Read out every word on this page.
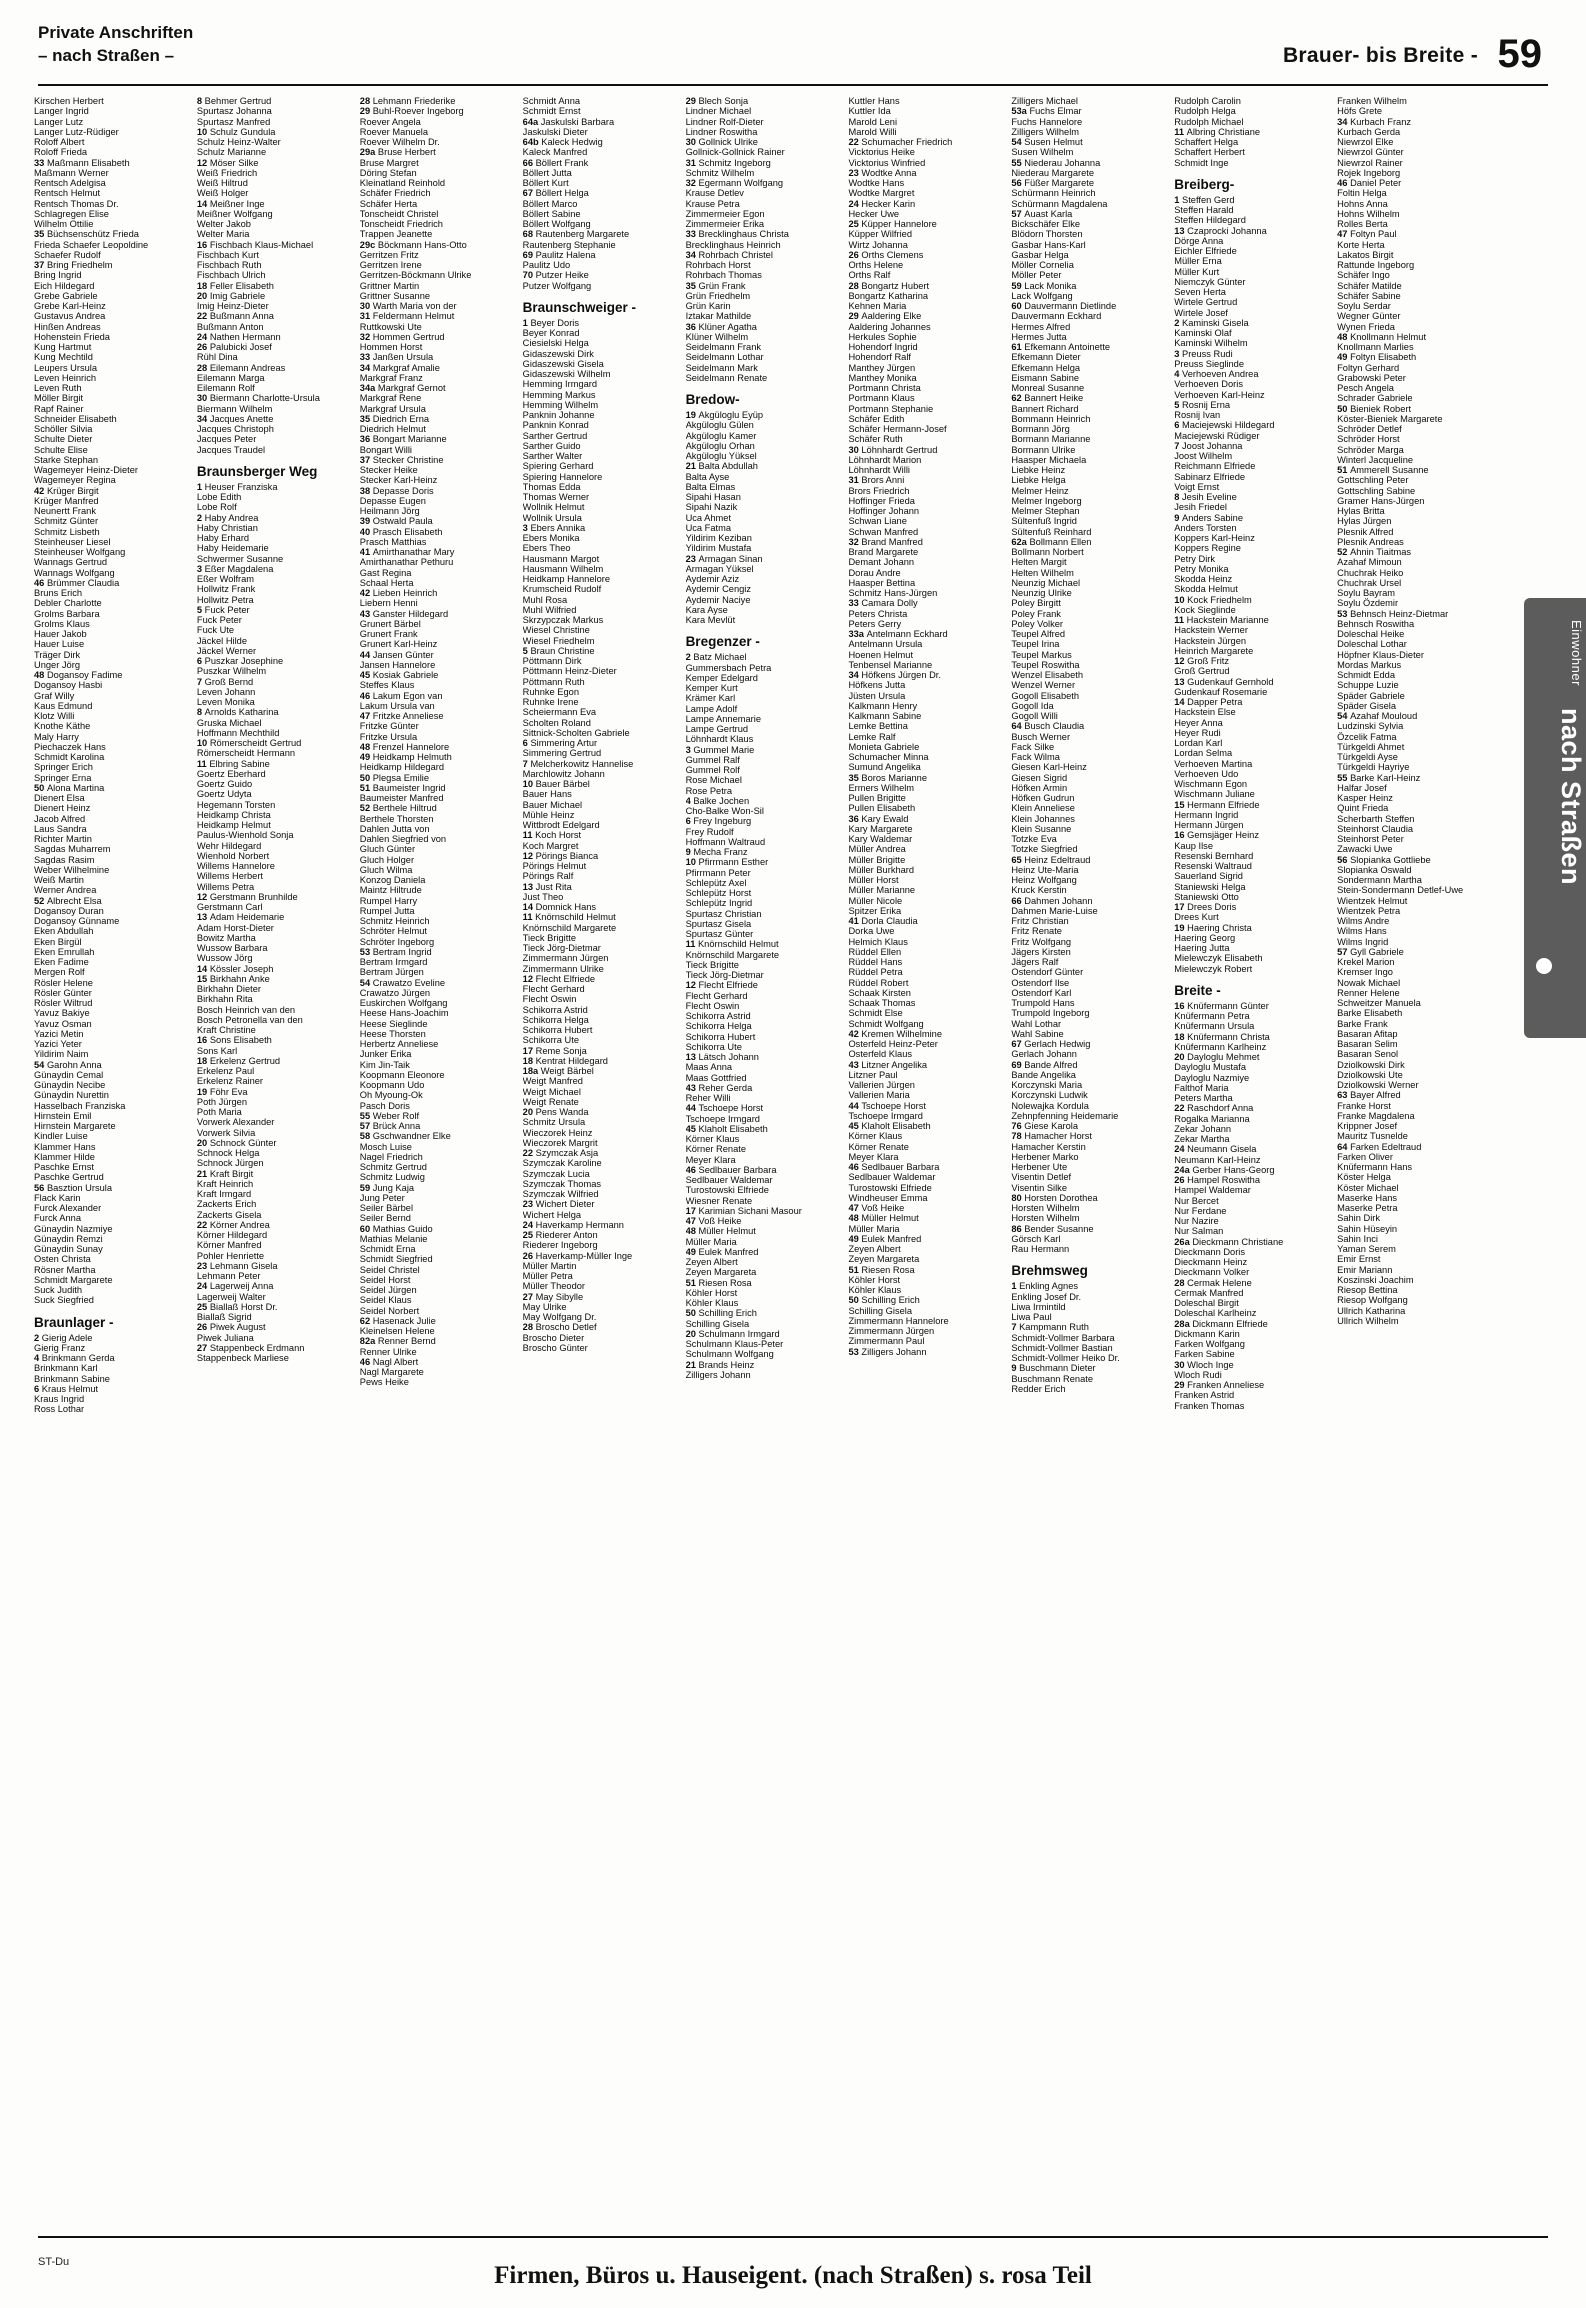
Private Anschriften
– nach Straßen –	Brauer- bis Breite - 59
Kirschen Herbert
Langer Ingrid
Langer Lutz
Langer Lutz-Rüdiger
Roloff Albert
Roloff Frieda
33 Maßmann Elisabeth
Maßmann Werner
Rentsch Adelgisa
Rentsch Helmut
Rentsch Thomas Dr.
Schlagregen Elise
Wilhelm Ottilie
35 Büchsenschütz Frieda
Frieda Schaefer Leopoldine
Schaefer Rudolf
37 Bring Friedhelm
Bring Ingrid
Eich Hildegard
Grebe Gabriele
Grebe Karl-Heinz
Gustavus Andrea
Hinßen Andreas
Hohenstein Frieda
Kung Hartmut
Kung Mechtild
Leupers Ursula
Leven Heinrich
Leven Ruth
Möller Birgit
Rapf Rainer
Schneider Elisabeth
Schöller Silvia
Schulte Dieter
Schulte Elise
Starke Stephan
Wagemeyer Heinz-Dieter
Wagemeyer Regina
42 Krüger Birgit
Krüger Manfred
Neunertt Frank
Schmitz Günter
Schmitz Lisbeth
Steinheuser Liesel
Steinheuser Wolfgang
Wannags Gertrud
Wannags Wolfgang
46 Brümmer Claudia
Bruns Erich
Debler Charlotte
Grolms Barbara
Grolms Klaus
Hauer Jakob
Hauer Luise
Träger Dirk
Unger Jörg
48 Dogansoy Fadime
Dogansoy Hasbi
Graf Willy
Kaus Edmund
Klotz Willi
Knothe Käthe
Maly Harry
Piechaczek Hans
Schmidt Karolina
Springer Erich
Springer Erna
50 Alona Martina
Dienert Elsa
Dienert Heinz
Jacob Alfred
Laus Sandra
Richter Martin
Sagdas Muharrem
Sagdas Rasim
Weber Wilhelmine
Weiß Martin
Werner Andrea
52 Albrecht Elsa
Dogansoy Duran
Dogansoy Günname
Eken Abdullah
Eken Birgül
Eken Emrullah
Eken Fadime
Mergen Rolf
Rösler Helene
Rösler Günter
Rösler Wiltrud
Yavuz Bakiye
Yavuz Osman
Yazici Metin
Yazici Yeter
Yildirim Naim
54 Garohn Anna
Günaydin Cemal
Günaydin Necibe
Günaydin Nurettin
Hasselbach Franziska
Hirnstein Emil
Hirnstein Margarete
Kindler Luise
Klammer Hans
Klammer Hilde
Paschke Ernst
Paschke Gertrud
56 Basztion Ursula
Flack Karin
Furck Alexander
Furck Anna
Günaydin Nazmiye
Günaydin Remzi
Günaydin Sunay
Osten Christa
Rösner Martha
Schmidt Margarete
Suck Judith
Suck Siegfried
Braunlager -
2 Gierig Adele
Gierig Franz
4 Brinkmann Gerda
Brinkmann Karl
Brinkmann Sabine
6 Kraus Helmut
Kraus Ingrid
Ross Lothar
8 Behmer Gertrud
Spurtasz Johanna
Spurtasz Manfred
10 Schulz Gundula
Schulz Heinz-Walter
Schulz Marianne
12 Möser Silke
Weiß Friedrich
Weiß Hiltrud
Weiß Holger
14 Meißner Inge
Meißner Wolfgang
Welter Jakob
Welter Maria
16 Fischbach Klaus-Michael
Fischbach Kurt
Fischbach Ruth
Fischbach Ulrich
18 Feller Elisabeth
20 Imig Gabriele
Imig Heinz-Dieter
22 Bußmann Anna
Bußmann Anton
24 Nathen Hermann
26 Palubicki Josef
Rühl Dina
28 Eilemann Andreas
Eilemann Marga
Eilemann Rolf
30 Biermann Charlotte-Ursula
Biermann Wilhelm
34 Jacques Anette
Jacques Christoph
Jacques Peter
Jacques Traudel
Braunsberger Weg
1 Heuser Franziska
Lobe Edith
Lobe Rolf
2 Haby Andrea
Haby Christian
Haby Erhard
Haby Heidemarie
Schwermer Susanne
3 Eßer Magdalena
Eßer Wolfram
Hollwitz Frank
Hollwitz Petra
5 Fuck Peter
Fuck Peter
Fuck Ute
Jäckel Hilde
Jäckel Werner
6 Puszkar Josephine
Puszkar Wilhelm
7 Groß Bernd
Leven Johann
Leven Monika
8 Arnolds Katharina
Gruska Michael
Hoffmann Mechthild
10 Römerscheidt Gertrud
Römerscheidt Hermann
11 Elbring Sabine
Goertz Eberhard
Goertz Guido
Goertz Udyta
Hegemann Torsten
Heidkamp Christa
Heidkamp Helmut
Paulus-Wienhold Sonja
Wehr Hildegard
Wienhold Norbert
Willems Hannelore
Willems Herbert
Willems Petra
12 Gerstmann Brunhilde
Gerstmann Carl
13 Adam Heidemarie
Adam Horst-Dieter
Bowitz Martha
Wussow Barbara
Wussow Jörg
14 Kössler Joseph
15 Birkhahn Anke
Birkhahn Dieter
Birkhahn Rita
Bosch Heinrich van den
Bosch Petronella van den
Kraft Christine
16 Sons Elisabeth
Sons Karl
18 Erkelenz Gertrud
Erkelenz Paul
Erkelenz Rainer
19 Föhr Eva
Poth Jürgen
Poth Maria
Vorwerk Alexander
Vorwerk Silvia
20 Schnock Günter
Schnock Helga
Schnock Jürgen
21 Kraft Birgit
Kraft Heinrich
Kraft Irmgard
Zackerts Erich
Zackerts Gisela
22 Körner Andrea
Körner Hildegard
Körner Manfred
Pohler Henriette
23 Lehmann Gisela
Lehmann Peter
24 Lagerweij Anna
Lagerweij Walter
25 Biallaß Horst Dr.
Biallaß Sigrid
26 Piwek August
Piwek Juliana
27 Stappenbeck Erdmann
Stappenbeck Marliese
28 Lehmann Friederike
29 Buhl-Roever Ingeborg
Roever Angela
Roever Manuela
Roever Wilhelm Dr.
29a Bruse Herbert
Bruse Margret
Döring Stefan
Kleinatland Reinhold
Schäfer Friedrich
Schäfer Herta
Tonscheidt Christel
Tonscheidt Friedrich
Trappen Jeanette
29c Böckmann Hans-Otto
Gerritzen Fritz
Gerritzen Irene
Gerritzen-Böckmann Ulrike
Grittner Martin
Grittner Susanne
30 Warth Maria von der
31 Feldermann Helmut
Ruttkowski Ute
32 Hommen Gertrud
Hommen Horst
33 Janßen Ursula
34 Markgraf Amalie
Markgraf Franz
34a Markgraf Gernot
Markgraf Rene
Markgraf Ursula
35 Diedrich Erna
Diedrich Helmut
36 Bongart Marianne
Bongart Willi
37 Stecker Christine
Stecker Heike
Stecker Karl-Heinz
38 Depasse Doris
Depasse Eugen
Heilmann Jörg
39 Ostwald Paula
40 Prasch Elisabeth
Prasch Matthias
41 Amirthanathar Mary
Amirthanathar Pethuru
Gast Regina
Schaal Herta
42 Lieben Heinrich
Liebern Henni
43 Ganster Hildegard
Grunert Bärbel
Grunert Frank
Grunert Karl-Heinz
44 Jansen Günter
Jansen Hannelore
45 Kosiak Gabriele
Steffes Klaus
46 Lakum Egon van
Lakum Ursula van
47 Fritzke Anneliese
Fritzke Günter
Fritzke Ursula
48 Frenzel Hannelore
49 Heidkamp Helmuth
Heidkamp Hildegard
50 Plegsa Emilie
51 Baumeister Ingrid
Baumeister Manfred
52 Berthele Hiltrud
Berthele Thorsten
Dahlen Jutta von
Dahlen Siegfried von
Gluch Günter
Gluch Holger
Gluch Wilma
Konzog Daniela
Maintz Hiltrude
Rumpel Harry
Rumpel Jutta
Schmitz Heinrich
Schröter Helmut
Schröter Ingeborg
53 Bertram Ingrid
Bertram Irmgard
Bertram Jürgen
54 Crawatzo Eveline
Crawatzo Jürgen
Euskirchen Wolfgang
Heese Hans-Joachim
Heese Sieglinde
Heese Thorsten
Herbertz Anneliese
Junker Erika
Kim Jin-Taik
Koopmann Eleonore
Koopmann Udo
Oh Myoung-Ok
Pasch Doris
55 Weber Rolf
57 Brück Anna
58 Gschwandner Elke
Mosch Luise
Nagel Friedrich
Schmitz Gertrud
Schmitz Ludwig
59 Jung Kaja
Jung Peter
Seiler Bärbel
Seiler Bernd
60 Mathias Guido
Mathias Melanie
Schmidt Erna
Schmidt Siegfried
Seidel Christel
Seidel Horst
Seidel Jürgen
Seidel Klaus
Seidel Norbert
62 Hasenack Julie
Kleinelsen Helene
82a Renner Bernd
Renner Ulrike
46 Nagl Albert
Nagl Margarete
Pews Heike
Schmidt Anna
Schmidt Ernst
64a Jaskulski Barbara
Jaskulski Dieter
64b Kaleck Hedwig
Kaleck Manfred
66 Böllert Frank
Böllert Jutta
Böllert Kurt
67 Böllert Helga
Böllert Marco
Böllert Sabine
Böllert Wolfgang
68 Rautenberg Margarete
Rautenberg Stephanie
69 Paulitz Halena
Paulitz Udo
70 Putzer Heike
Putzer Wolfgang
Braunschweiger -
1 Beyer Doris
Beyer Konrad
Ciesielski Helga
Gidaszewski Dirk
Gidaszewski Gisela
Gidaszewski Wilhelm
Hemming Irmgard
Hemming Markus
Hemming Wilhelm
Panknin Johanne
Panknin Konrad
Sarther Gertrud
Sarther Guido
Sarther Walter
Spiering Gerhard
Spiering Hannelore
Thomas Edda
Thomas Werner
Wollnik Helmut
Wollnik Ursula
3 Ebers Annika
Ebers Monika
Ebers Theo
Hausmann Margot
Hausmann Wilhelm
Heidkamp Hannelore
Krumscheid Rudolf
Muhl Rosa
Muhl Wilfried
Skrzypczak Markus
Wiesel Christine
Wiesel Friedhelm
5 Braun Christine
Pöttmann Dirk
Pöttmann Heinz-Dieter
Pöttmann Ruth
Ruhnke Egon
Ruhnke Irene
Scheiermann Eva
Scholten Roland
Sittnick-Scholten Gabriele
6 Simmering Artur
Simmering Gertrud
7 Melcherkowitz Hannelise
Marchlowitz Johann
10 Bauer Bärbel
Bauer Hans
Bauer Michael
Mühle Heinz
Wittbrodt Edelgard
11 Koch Horst
Koch Margret
12 Pörings Bianca
Pörings Helmut
Pörings Ralf
13 Just Rita
Just Theo
14 Domnick Hans
11 Knörnschild Helmut
Knörnschild Margarete
Tieck Brigitte
Tieck Jörg-Dietmar
Zimmermann Jürgen
Zimmermann Ulrike
12 Flecht Elfriede
Flecht Gerhard
Flecht Oswin
Schikorra Astrid
Schikorra Helga
Schikorra Hubert
Schikorra Ute
17 Reme Sonja
18 Kentrat Hildegard
18a Weigt Bärbel
Weigt Manfred
Weigt Michael
Weigt Renate
20 Pens Wanda
Schmitz Ursula
Wieczorek Heinz
Wieczorek Margrit
22 Szymczak Asja
Szymczak Karoline
Szymczak Lucia
Szymczak Thomas
Szymczak Wilfried
23 Wichert Dieter
Wichert Helga
24 Haverkamp Hermann
25 Riederer Anton
Riederer Ingeborg
26 Haverkamp-Müller Inge
Müller Martin
Müller Petra
Müller Theodor
27 May Sibylle
May Ulrike
May Wolfgang Dr.
28 Broscho Detlef
Broscho Dieter
Broscho Günter
29 Blech Sonja
Lindner Michael
Lindner Rolf-Dieter
Lindner Roswitha
30 Gollnick Ulrike
Gollnick-Gollnick Rainer
31 Schmitz Ingeborg
Schmitz Wilhelm
32 Egermann Wolfgang
Krause Detlev
Krause Petra
Zimmermeier Egon
Zimmermeier Erika
33 Brecklinghaus Christa
Brecklinghaus Heinrich
34 Rohrbach Christel
Rohrbach Horst
Rohrbach Thomas
35 Grün Frank
Grün Friedhelm
Grün Karin
Iztakar Mathilde
36 Klüner Agatha
Klüner Wilhelm
Seidelmann Frank
Seidelmann Lothar
Seidelmann Mark
Seidelmann Renate
Bredow-
19 Akgüloglu Eyüp
Akgüloglu Gülen
Akgüloglu Kamer
Akgüloglu Orhan
Akgüloglu Yüksel
21 Balta Abdullah
Balta Ayse
Balta Elmas
Sipahi Hasan
Sipahi Nazik
Uca Ahmet
Uca Fatma
Yildirim Keziban
Yildirim Mustafa
23 Armagan Sinan
Armagan Yüksel
Aydemir Aziz
Aydemir Cengiz
Aydemir Naciye
Kara Ayse
Kara Mevlüt
Bregenzer -
2 Batz Michael
Gummersbach Petra
Kemper Edelgard
Kemper Kurt
Krämer Karl
Lampe Adolf
Lampe Annemarie
Lampe Gertrud
Löhnhardt Klaus
3 Gummel Marie
Gummel Ralf
Gummel Rolf
Rose Michael
Rose Petra
4 Balke Jochen
Cho-Balke Won-Sil
6 Frey Ingeburg
Frey Rudolf
Hoffmann Waltraud
9 Mecha Franz
10 Pfirrmann Esther
Pfirrmann Peter
Schlepütz Axel
Schlepütz Horst
Schlepütz Ingrid
Spurtasz Christian
Spurtasz Gisela
Spurtasz Günter
11 Knörnschild Helmut
Knörnschild Margarete
Tieck Brigitte
Tieck Jörg-Dietmar
12 Flecht Elfriede
Flecht Gerhard
Flecht Oswin
Schikorra Astrid
Schikorra Helga
Schikorra Hubert
Schikorra Ute
13 Lätsch Johann
Maas Anna
Maas Gottfried
43 Reher Gerda
Reher Willi
44 Tschoepe Horst
Tschoepe Irmgard
45 Klaholt Elisabeth
Körner Klaus
Körner Renate
Meyer Klara
46 Sedlbauer Barbara
Sedlbauer Waldemar
Turostowski Elfriede
Wiesner Renate
17 Karimian Sichani Masour
47 Voß Heike
48 Müller Helmut
Müller Maria
49 Eulek Manfred
Zeyen Albert
Zeyen Margareta
51 Riesen Rosa
Köhler Horst
Köhler Klaus
50 Schilling Erich
Schilling Gisela
20 Schulmann Irmgard
Schulmann Klaus-Peter
Schulmann Wolfgang
21 Brands Heinz
Zilligers Johann
Kuttler Hans
Kuttler Ida
Marold Leni
Marold Willi
22 Schumacher Friedrich
Vicktorius Heike
Vicktorius Winfried
23 Wodtke Anna
Wodtke Hans
Wodtke Margret
24 Hecker Karin
Hecker Uwe
25 Küpper Hannelore
Küpper Wilfried
Wirtz Johanna
26 Orths Clemens
Orths Helene
Orths Ralf
28 Bongartz Hubert
Bongartz Katharina
Kehnen Maria
29 Aaldering Elke
Aaldering Johannes
Herkules Sophie
Hohendorf Ingrid
Hohendorf Ralf
Manthey Jürgen
Manthey Monika
Portmann Christa
Portmann Klaus
Portmann Stephanie
Schäfer Edith
Schäfer Hermann-Josef
Schäfer Ruth
30 Löhnhardt Gertrud
Löhnhardt Marion
Löhnhardt Willi
31 Brors Anni
Brors Friedrich
Hoffinger Frieda
Hoffinger Johann
Schwan Liane
Schwan Manfred
32 Brand Manfred
Brand Margarete
Demant Johann
Dorau Andre
Haasper Bettina
Schmitz Hans-Jürgen
33 Camara Dolly
Peters Christa
Peters Gerry
33a Antelmann Eckhard
Antelmann Ursula
Hoenen Helmut
Tenbensel Marianne
34 Höfkens Jürgen Dr.
Höfkens Jutta
Jüsten Ursula
Kalkmann Henry
Kalkmann Sabine
Lemke Bettina
Lemke Ralf
Monieta Gabriele
Schumacher Minna
Sumund Angelika
35 Boros Marianne
Ermers Wilhelm
Pullen Brigitte
Pullen Elisabeth
36 Kary Ewald
Kary Margarete
Kary Waldemar
Müller Andrea
Müller Brigitte
Müller Burkhard
Müller Horst
Müller Marianne
Müller Nicole
Spitzer Erika
41 Dorla Claudia
Dorka Uwe
Helmich Klaus
Rüddel Ellen
Rüddel Hans
Rüddel Petra
Rüddel Robert
Schaak Kirsten
Schaak Thomas
Schmidt Else
Schmidt Wolfgang
42 Kremen Wilhelmine
Osterfeld Heinz-Peter
Osterfeld Klaus
43 Litzner Angelika
Litzner Paul
Vallerien Jürgen
Vallerien Maria
44 Tschoepe Horst
Tschoepe Irmgard
45 Klaholt Elisabeth
Körner Klaus
Körner Renate
Meyer Klara
46 Sedlbauer Barbara
Sedlbauer Waldemar
Turostowski Elfriede
Windheuser Emma
47 Voß Heike
48 Müller Helmut
Müller Maria
49 Eulek Manfred
Zeyen Albert
Zeyen Margareta
51 Riesen Rosa
Köhler Horst
Köhler Klaus
50 Schilling Erich
Schilling Gisela
Zimmermann Hannelore
Zimmermann Jürgen
Zimmermann Paul
53 Zilligers Johann
Zilligers Michael
53a Fuchs Elmar
Fuchs Hannelore
Zilligers Wilhelm
54 Susen Helmut
Susen Wilhelm
55 Niederau Johanna
Niederau Margarete
56 Füßer Margarete
Schürmann Heinrich
Schürmann Magdalena
57 Auast Karla
Bickschäfer Elke
Blödorn Thorsten
Gasbar Hans-Karl
Gasbar Helga
Möller Cornelia
Möller Peter
59 Lack Monika
Lack Wolfgang
60 Dauvermann Dietlinde
Dauvermann Eckhard
Hermes Alfred
Hermes Jutta
61 Efkemann Antoinette
Efkemann Dieter
Efkemann Helga
Eismann Sabine
Monreal Susanne
62 Bannert Heike
Bannert Richard
Bommann Heinrich
Bormann Jörg
Bormann Marianne
Bormann Ulrike
Haasper Michaela
Liebke Heinz
Liebke Helga
Melmer Heinz
Melmer Ingeborg
Melmer Stephan
Sültenfuß Ingrid
Sültenfuß Reinhard
62a Bollmann Ellen
Bollmann Norbert
Helten Margit
Helten Wilhelm
Neunzig Michael
Neunzig Ulrike
Poley Birgitt
Poley Frank
Poley Volker
Teupel Alfred
Teupel Irina
Teupel Markus
Teupel Roswitha
Wenzel Elisabeth
Wenzel Werner
Gogoll Elisabeth
Gogoll Ida
Gogoll Willi
64 Busch Claudia
Busch Werner
Fack Silke
Fack Wilma
Giesen Karl-Heinz
Giesen Sigrid
Höfken Armin
Höfken Gudrun
Klein Anneliese
Klein Johannes
Klein Susanne
Totzke Eva
Totzke Siegfried
65 Heinz Edeltraud
Heinz Ute-Maria
Heinz Wolfgang
Kruck Kerstin
66 Dahmen Johann
Dahmen Marie-Luise
Fritz Christian
Fritz Renate
Fritz Wolfgang
Jägers Kirsten
Jägers Ralf
Ostendorf Günter
Ostendorf Ilse
Ostendorf Karl
Trumpold Hans
Trumpold Ingeborg
Wahl Lothar
Wahl Sabine
67 Gerlach Hedwig
Gerlach Johann
69 Bande Alfred
Bande Angelika
Korczynski Maria
Korczynski Ludwik
Nolewajka Kordula
Zehnpfenning Heidemarie
76 Giese Karola
78 Hamacher Horst
Hamacher Kerstin
Herbener Marko
Herbener Ute
Visentin Detlef
Visentin Silke
80 Horsten Dorothea
Horsten Wilhelm
Horsten Wilhelm
86 Bender Susanne
Görsch Karl
Rau Hermann
Brehmsweg
1 Enkling Agnes
Enkling Josef Dr.
Liwa Irmintild
Liwa Paul
7 Kampmann Ruth
Schmidt-Vollmer Barbara
Schmidt-Vollmer Bastian
Schmidt-Vollmer Heiko Dr.
9 Buschmann Dieter
Buschmann Renate
Redder Erich
Rudolph Carolin
Rudolph Helga
Rudolph Michael
11 Albring Christiane
Schaffert Helga
Schaffert Herbert
Schmidt Inge
Breiberg-
1 Steffen Gerd
Steffen Harald
Steffen Hildegard
13 Czaprocki Johanna
Dörge Anna
Eichler Elfriede
Müller Erna
Müller Kurt
Niemczyk Günter
Seven Herta
Wirtele Gertrud
Wirtele Josef
2 Kaminski Gisela
Kaminski Olaf
Kaminski Wilhelm
3 Preuss Rudi
Preuss Sieglinde
4 Verhoeven Andrea
Verhoeven Doris
Verhoeven Karl-Heinz
5 Rosnij Erna
Rosnij Ivan
6 Maciejewski Hildegard
Maciejewski Rüdiger
7 Joost Johanna
Joost Wilhelm
Reichmann Elfriede
Sabinarz Elfriede
Voigt Ernst
8 Jesih Eveline
Jesih Friedel
9 Anders Sabine
Anders Torsten
Koppers Karl-Heinz
Koppers Regine
Petry Dirk
Petry Monika
Skodda Heinz
Skodda Helmut
10 Kock Friedhelm
Kock Sieglinde
11 Hackstein Marianne
Hackstein Werner
Hackstein Jürgen
Heinrich Margarete
12 Groß Fritz
Groß Gertrud
13 Gudenkauf Gernhold
Gudenkauf Rosemarie
14 Dapper Petra
Hackstein Else
Heyer Anna
Heyer Rudi
Lordan Karl
Lordan Selma
Verhoeven Martina
Verhoeven Udo
Wischmann Egon
Wischmann Juliane
15 Hermann Elfriede
Hermann Ingrid
Hermann Jürgen
16 Gemsjäger Heinz
Kaup Ilse
Resenski Bernhard
Resenski Waltraud
Sauerland Sigrid
Staniewski Helga
Staniewski Otto
17 Drees Doris
Drees Kurt
19 Haering Christa
Haering Georg
Haering Jutta
Mielewczyk Elisabeth
Mielewczyk Robert
Breite -
16 Knüfermann Günter
Knüfermann Petra
Knüfermann Ursula
18 Knüfermann Christa
Knüfermann Karlheinz
20 Dayloglu Mehmet
Dayloglu Mustafa
Dayloglu Nazmiye
Falthof Maria
Peters Martha
22 Raschdorf Anna
Rogalka Marianna
Zekar Johann
Zekar Martha
24 Neumann Gisela
Neumann Karl-Heinz
24a Gerber Hans-Georg
26 Hampel Roswitha
Hampel Waldemar
Nur Bercet
Nur Ferdane
Nur Nazire
Nur Salman
26a Dieckmann Christiane
Dieckmann Doris
Dieckmann Heinz
Dieckmann Volker
28 Cermak Helene
Cermak Manfred
Doleschal Birgit
Doleschal Karlheinz
28a Dickmann Elfriede
Dickmann Karin
Farken Wolfgang
Farken Sabine
30 Wloch Inge
Wloch Rudi
29 Franken Anneliese
Franken Astrid
Franken Thomas
Franken Wilhelm
Höfs Grete
34 Kurbach Franz
Kurbach Gerda
Niewrzol Elke
Niewrzol Günter
Niewrzol Rainer
Rojek Ingeborg
46 Daniel Peter
Foltin Helga
Hohns Anna
Hohns Wilhelm
Rolles Berta
47 Foltyn Paul
Korte Herta
Lakatos Birgit
Rattunde Ingeborg
Schäfer Ingo
Schäfer Matilde
Schäfer Sabine
Soylu Serdar
Wegner Günter
Wynen Frieda
48 Knollmann Helmut
Knollmann Marlies
49 Foltyn Elisabeth
Foltyn Gerhard
Grabowski Peter
Pesch Angela
Schrader Gabriele
50 Bieniek Robert
Köster-Bieniek Margarete
Schröder Detlef
Schröder Horst
Schröder Marga
Winterl Jacqueline
51 Ammerell Susanne
Gottschling Peter
Gottschling Sabine
Gramer Hans-Jürgen
Hylas Britta
Hylas Jürgen
Plesnik Alfred
Plesnik Andreas
52 Ahnin Tiaitmas
Azahaf Mimoun
Chuchrak Heiko
Chuchrak Ursel
Soylu Bayram
Soylu Özdemir
53 Behnsch Heinz-Dietmar
Behnsch Roswitha
Doleschal Heike
Doleschal Lothar
Höpfner Klaus-Dieter
Mordas Markus
Schmidt Edda
Schuppe Luzie
Späder Gabriele
Späder Gisela
54 Azahaf Mouloud
Ludzinski Sylvia
Özcelik Fatma
Türkgeldi Ahmet
Türkgeldi Ayse
Türkgeldi Hayriye
55 Barke Karl-Heinz
Halfar Josef
Kasper Heinz
Quint Frieda
Scherbarth Steffen
Steinhorst Claudia
Steinhorst Peter
Zawacki Uwe
56 Slopianka Gottliebe
Slopianka Oswald
Sondermann Martha
Stein-Sondermann Detlef-Uwe
Wientzek Helmut
Wientzek Petra
Wilms Andre
Wilms Hans
Wilms Ingrid
57 Gyll Gabriele
Krekel Marion
Kremser Ingo
Nowak Michael
Renner Helene
Schweitzer Manuela
Barke Elisabeth
Barke Frank
Basaran Afitap
Basaran Selim
Basaran Senol
Dziolkowski Dirk
Dziolkowski Ute
Dziolkowski Werner
63 Bayer Alfred
Franke Horst
Franke Magdalena
Krippner Josef
Mauritz Tusnelde
64 Farken Edeltraud
Farken Oliver
Knüfermann Hans
Köster Helga
Köster Michael
Maserke Hans
Maserke Petra
Sahin Dirk
Sahin Hüseyin
Sahin Inci
Yaman Serem
Emir Ernst
Emir Mariann
Koszinski Joachim
Riesop Bettina
Riesop Wolfgang
Ullrich Katharina
Ullrich Wilhelm
Einwohner
nach Straßen
ST-Du	Firmen, Büros u. Hauseigent. (nach Straßen) s. rosa Teil
